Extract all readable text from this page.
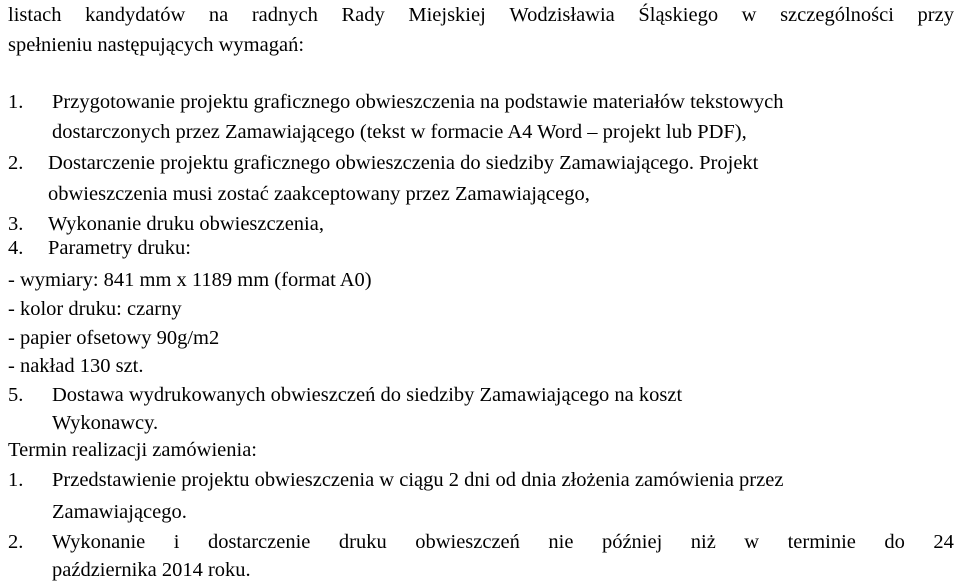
listach kandydatów na radnych Rady Miejskiej Wodzisławia Śląskiego w szczególności przy
spełnieniu następujących wymagań:
1. Przygotowanie projektu graficznego obwieszczenia na podstawie materiałów tekstowych
dostarczonych przez Zamawiającego (tekst w formacie A4 Word – projekt lub PDF),
2. Dostarczenie projektu graficznego obwieszczenia do siedziby Zamawiającego. Projekt
obwieszczenia musi zostać zaakceptowany przez Zamawiającego,
3. Wykonanie druku obwieszczenia,
4. Parametry druku:
- wymiary: 841 mm x 1189 mm (format A0)
- kolor druku: czarny
- papier ofsetowy 90g/m2
- nakład 130 szt.
5. Dostawa wydrukowanych obwieszczeń do siedziby Zamawiającego na koszt
Wykonawcy.
Termin realizacji zamówienia:
1. Przedstawienie projektu obwieszczenia w ciągu 2 dni od dnia złożenia zamówienia przez
Zamawiającego.
2. Wykonanie i dostarczenie druku obwieszczeń nie później niż w terminie do 24
października 2014 roku.
